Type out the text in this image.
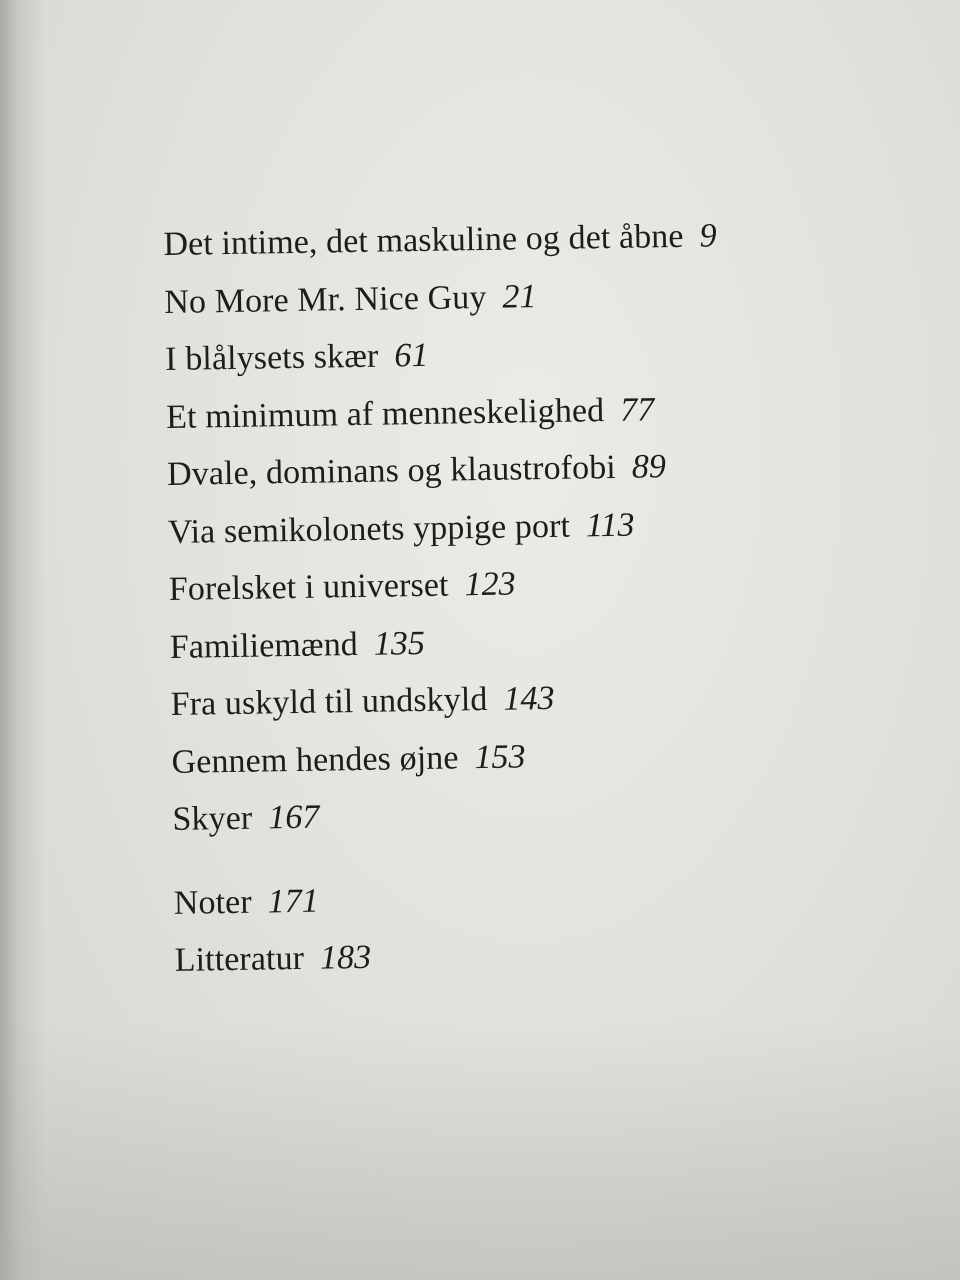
Det intime, det maskuline og det åbne 9
No More Mr. Nice Guy 21
I blålysets skær 61
Et minimum af menneskelighed 77
Dvale, dominans og klaustrofobi 89
Via semikolonets yppige port 113
Forelsket i universet 123
Familiemænd 135
Fra uskyld til undskyld 143
Gennem hendes øjne 153
Skyer 167
Noter 171
Litteratur 183
